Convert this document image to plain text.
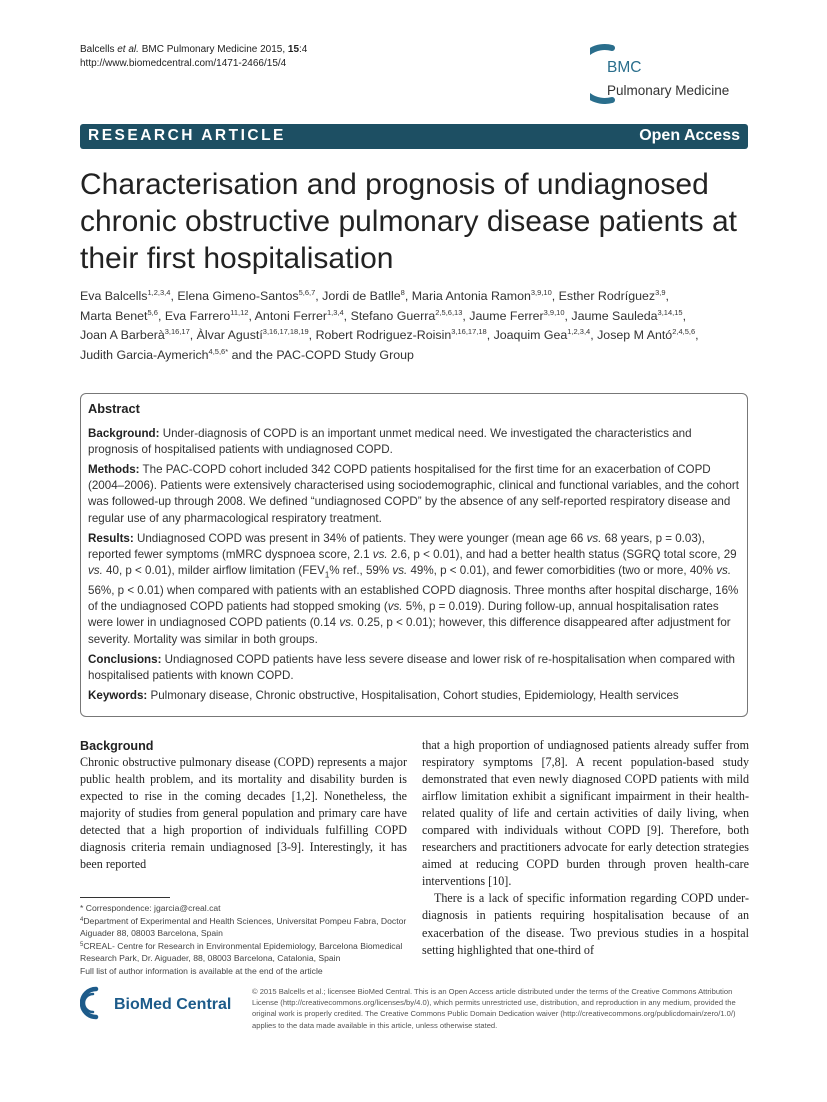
Balcells et al. BMC Pulmonary Medicine 2015, 15:4
http://www.biomedcentral.com/1471-2466/15/4	BMC
Pulmonary Medicine
RESEARCH ARTICLE	Open Access
Characterisation and prognosis of undiagnosed
chronic obstructive pulmonary disease patients at
their first hospitalisation
Eva Balcells$^{1,2,3,4}$, Elena Gimeno-Santos$^{5,6,7}$, Jordi de Batlle$^8$, Maria Antonia Ramon$^{3,9,10}$, Esther Rodríguez$^{3,9}$,
Marta Benet$^{5,6}$, Eva Farrero$^{11,12}$, Antoni Ferrer$^{1,3,4}$, Stefano Guerra$^{2,5,6,13}$, Jaume Ferrer$^{3,9,10}$, Jaume Sauleda$^{3,14,15}$,
Joan A Barberà$^{3,16,17}$, Àlvar Agustí$^{3,16,17,18,19}$, Robert Rodriguez-Roisin$^{3,16,17,18}$, Joaquim Gea$^{1,2,3,4}$, Josep M Antó$^{2,4,5,6}$,
Judith Garcia-Aymerich$^{4,5,6*}$ and the PAC-COPD Study Group
Abstract

Background: Under-diagnosis of COPD is an important unmet medical need. We investigated the characteristics and prognosis of hospitalised patients with undiagnosed COPD.

Methods: The PAC-COPD cohort included 342 COPD patients hospitalised for the first time for an exacerbation of COPD (2004–2006). Patients were extensively characterised using sociodemographic, clinical and functional variables, and the cohort was followed-up through 2008. We defined “undiagnosed COPD” by the absence of any self-reported respiratory disease and regular use of any pharmacological respiratory treatment.

Results: Undiagnosed COPD was present in 34% of patients. They were younger (mean age 66 vs. 68 years, p = 0.03), reported fewer symptoms (mMRC dyspnoea score, 2.1 vs. 2.6, p < 0.01), and had a better health status (SGRQ total score, 29 vs. 40, p < 0.01), milder airflow limitation ($FEV_1\%$ ref., 59% vs. 49%, p < 0.01), and fewer comorbidities (two or more, 40% vs. 56%, p < 0.01) when compared with patients with an established COPD diagnosis. Three months after hospital discharge, 16% of the undiagnosed COPD patients had stopped smoking (vs. 5%, p = 0.019). During follow-up, annual hospitalisation rates were lower in undiagnosed COPD patients (0.14 vs. 0.25, p < 0.01); however, this difference disappeared after adjustment for severity. Mortality was similar in both groups.

Conclusions: Undiagnosed COPD patients have less severe disease and lower risk of re-hospitalisation when compared with hospitalised patients with known COPD.

Keywords: Pulmonary disease, Chronic obstructive, Hospitalisation, Cohort studies, Epidemiology, Health services

Background

Chronic obstructive pulmonary disease (COPD) represents a major public health problem, and its mortality and disability burden is expected to rise in the coming decades [1,2]. Nonetheless, the majority of studies from general population and primary care have detected that a high proportion of individuals fulfilling COPD diagnosis criteria remain undiagnosed [3-9]. Interestingly, it has been reported

that a high proportion of undiagnosed patients already suffer from respiratory symptoms [7,8]. A recent population-based study demonstrated that even newly diagnosed COPD patients with mild airflow limitation exhibit a significant impairment in their health-related quality of life and certain activities of daily living, when compared with individuals without COPD [9]. Therefore, both researchers and practitioners advocate for early detection strategies aimed at reducing COPD burden through proven health-care interventions [10].

There is a lack of specific information regarding COPD under-diagnosis in patients requiring hospitalisation because of an exacerbation of the disease. Two previous studies in a hospital setting highlighted that one-third of

* Correspondence: jgarcia@creal.cat

$^4$Department of Experimental and Health Sciences, Universitat Pompeu Fabra, Doctor Aiguader 88, 08003 Barcelona, Spain

$^5$CREAL- Centre for Research in Environmental Epidemiology, Barcelona Biomedical Research Park, Dr. Aiguader, 88, 08003 Barcelona, Catalonia, Spain

Full list of author information is available at the end of the article

BioMed Central
© 2015 Balcells et al.; licensee BioMed Central. This is an Open Access article distributed under the terms of the Creative Commons Attribution License (http://creativecommons.org/licenses/by/4.0), which permits unrestricted use, distribution, and reproduction in any medium, provided the original work is properly credited. The Creative Commons Public Domain Dedication waiver (http://creativecommons.org/publicdomain/zero/1.0/) applies to the data made available in this article, unless otherwise stated.
